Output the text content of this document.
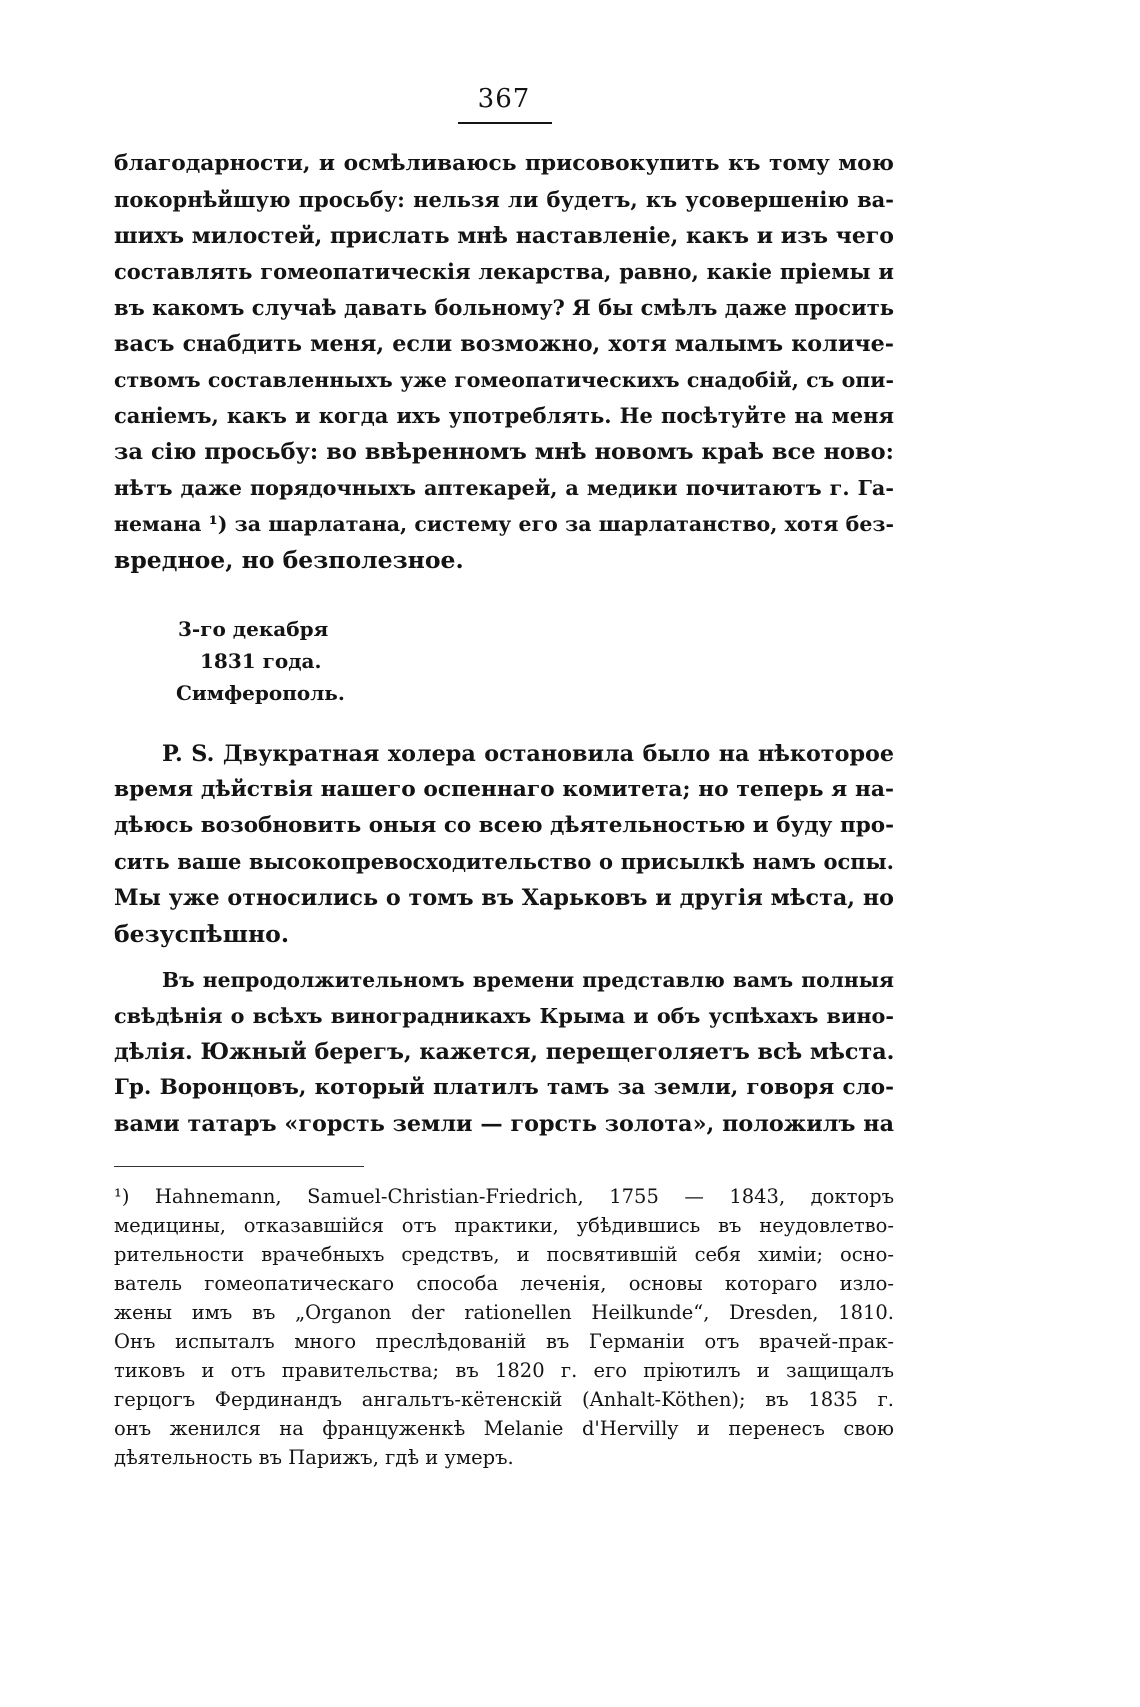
367
благодарности, и осмѣливаюсь присовокупить къ тому мою
покорнѣйшую просьбу: нельзя ли будетъ, къ усовершенію ва-
шихъ милостей, прислать мнѣ наставленіе, какъ и изъ чего
составлять гомеопатическія лекарства, равно, какіе пріемы и
въ какомъ случаѣ давать больному? Я бы смѣлъ даже просить
васъ снабдить меня, если возможно, хотя малымъ количе-
ствомъ составленныхъ уже гомеопатическихъ снадобій, съ опи-
саніемъ, какъ и когда ихъ употреблять. Не посѣтуйте на меня
за сію просьбу: во ввѣренномъ мнѣ новомъ краѣ все ново:
нѣтъ даже порядочныхъ аптекарей, а медики почитаютъ г. Га-
немана ¹) за шарлатана, систему его за шарлатанство, хотя без-
вредное, но безполезное.
3-го декабря
1831 года.
Симферополь.
P. S. Двукратная холера остановила было на нѣкоторое
время дѣйствія нашего оспеннаго комитета; но теперь я на-
дѣюсь возобновить оныя со всею дѣятельностью и буду про-
сить ваше высокопревосходительство о присылкѣ намъ оспы.
Мы уже относились о томъ въ Харьковъ и другія мѣста, но
безуспѣшно.
Въ непродолжительномъ времени представлю вамъ полныя
свѣдѣнія о всѣхъ виноградникахъ Крыма и объ успѣхахъ вино-
дѣлія. Южный берегъ, кажется, перещеголяетъ всѣ мѣста.
Гр. Воронцовъ, который платилъ тамъ за земли, говоря сло-
вами татаръ «горсть земли — горсть золота», положилъ на
¹) Hahnemann, Samuel-Christian-Friedrich, 1755 — 1843, докторъ
медицины, отказавшійся отъ практики, убѣдившись въ неудовлетво-
рительности врачебныхъ средствъ, и посвятившій себя химіи; осно-
ватель гомеопатическаго способа леченія, основы котораго изло-
жены имъ въ „Organon der rationellen Heilkunde“, Dresden, 1810.
Онъ испыталъ много преслѣдованій въ Германіи отъ врачей-прак-
тиковъ и отъ правительства; въ 1820 г. его пріютилъ и защищалъ
герцогъ Фердинандъ ангальтъ-кётенскій (Anhalt-Köthen); въ 1835 г.
онъ женился на француженкѣ Melanie d'Hervilly и перенесъ свою
дѣятельность въ Парижъ, гдѣ и умеръ.
